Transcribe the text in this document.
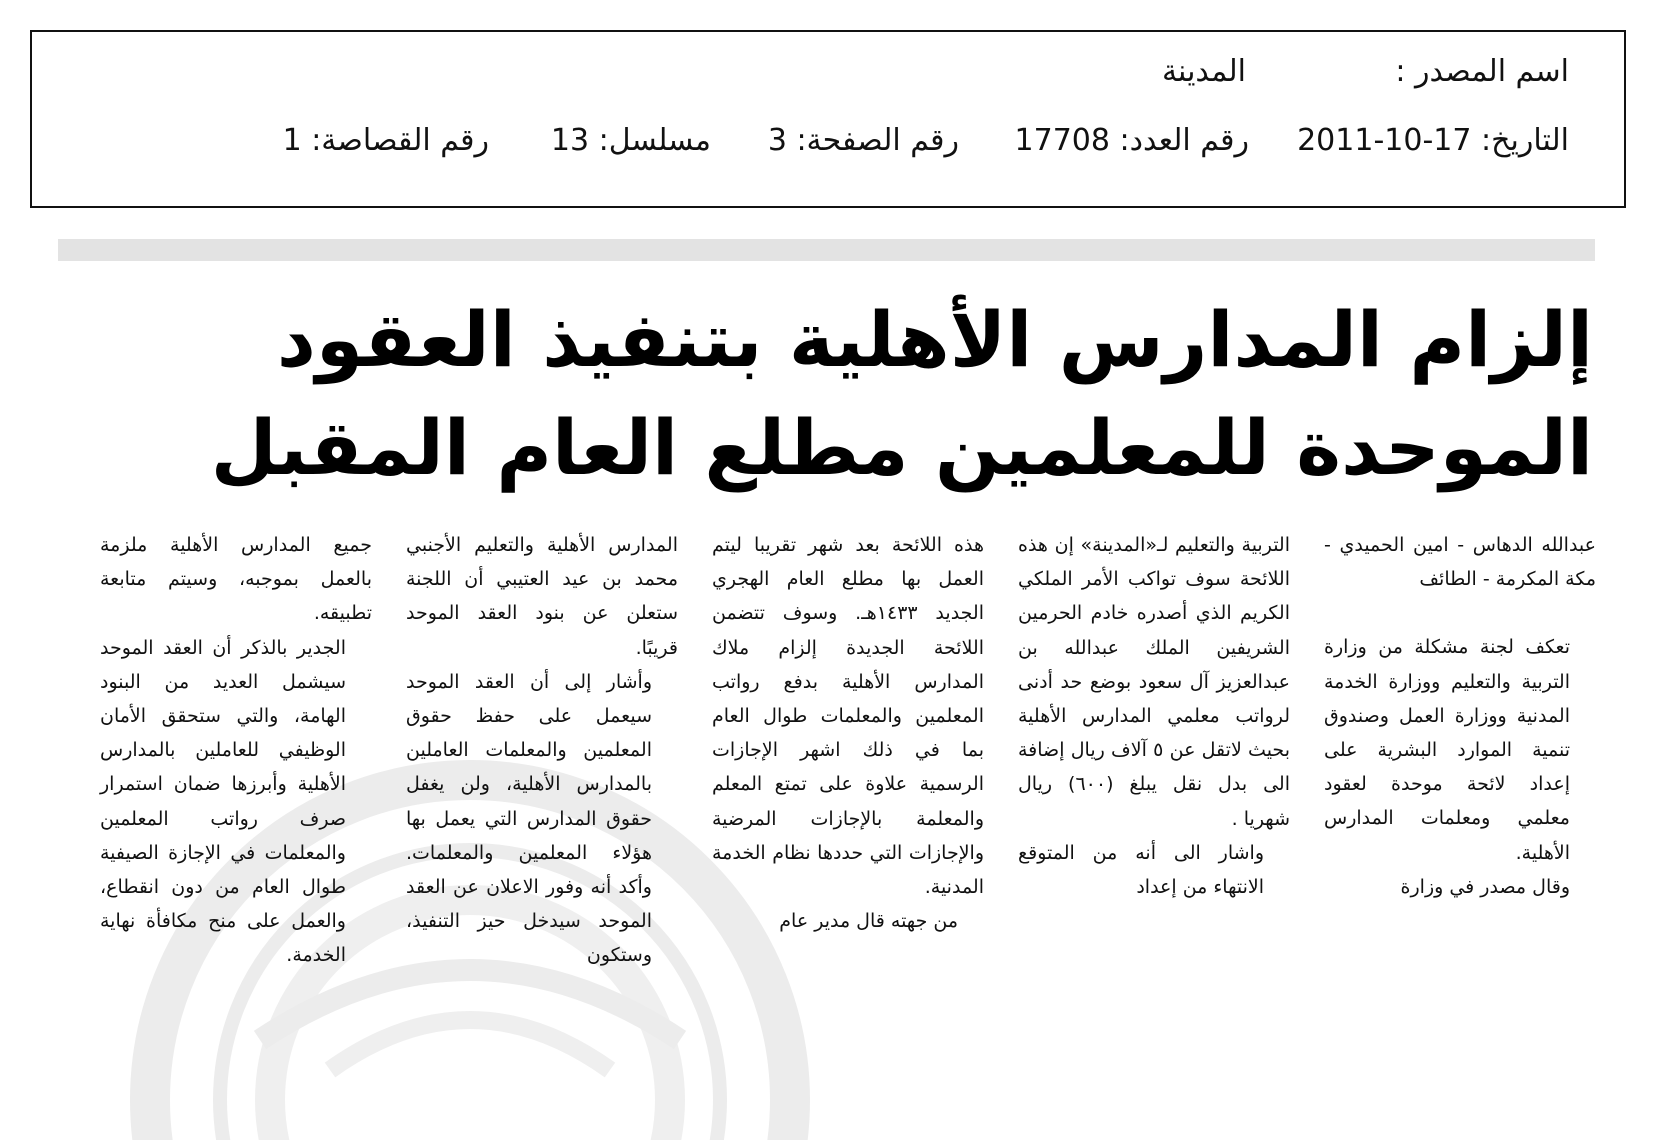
اسم المصدر :
المدينة
التاريخ: 17-10-2011
رقم العدد: 17708
رقم الصفحة: 3
مسلسل: 13
رقم القصاصة: 1
إلزام المدارس الأهلية بتنفيذ العقود الموحدة للمعلمين مطلع العام المقبل

عبدالله الدهاس - امين الحميدي - مكة المكرمة - الطائف

تعكف لجنة مشكلة من وزارة التربية والتعليم ووزارة الخدمة المدنية ووزارة العمل وصندوق تنمية الموارد البشرية على إعداد لائحة موحدة لعقود معلمي ومعلمات المدارس الأهلية.

وقال مصدر في وزارة

التربية والتعليم لـ«المدينة» إن هذه اللائحة سوف تواكب الأمر الملكي الكريم الذي أصدره خادم الحرمين الشريفين الملك عبدالله بن عبدالعزيز آل سعود بوضع حد أدنى لرواتب معلمي المدارس الأهلية بحيث لاتقل عن ٥ آلاف ريال إضافة الى بدل نقل يبلغ (٦٠٠) ريال شهريا .

واشار الى أنه من المتوقع الانتهاء من إعداد

هذه اللائحة بعد شهر تقريبا ليتم العمل بها مطلع العام الهجري الجديد ١٤٣٣هـ. وسوف تتضمن اللائحة الجديدة إلزام ملاك المدارس الأهلية بدفع رواتب المعلمين والمعلمات طوال العام بما في ذلك اشهر الإجازات الرسمية علاوة على تمتع المعلم والمعلمة بالإجازات المرضية والإجازات التي حددها نظام الخدمة المدنية.

من جهته قال مدير عام

المدارس الأهلية والتعليم الأجنبي محمد بن عيد العتيبي أن اللجنة ستعلن عن بنود العقد الموحد قريبًا.

وأشار إلى أن العقد الموحد سيعمل على حفظ حقوق المعلمين والمعلمات العاملين بالمدارس الأهلية، ولن يغفل حقوق المدارس التي يعمل بها هؤلاء المعلمين والمعلمات. وأكد أنه وفور الاعلان عن العقد الموحد سيدخل حيز التنفيذ، وستكون

جميع المدارس الأهلية ملزمة بالعمل بموجبه، وسيتم متابعة تطبيقه.

الجدير بالذكر أن العقد الموحد سيشمل العديد من البنود الهامة، والتي ستحقق الأمان الوظيفي للعاملين بالمدارس الأهلية وأبرزها ضمان استمرار صرف رواتب المعلمين والمعلمات في الإجازة الصيفية طوال العام من دون انقطاع، والعمل على منح مكافأة نهاية الخدمة.
